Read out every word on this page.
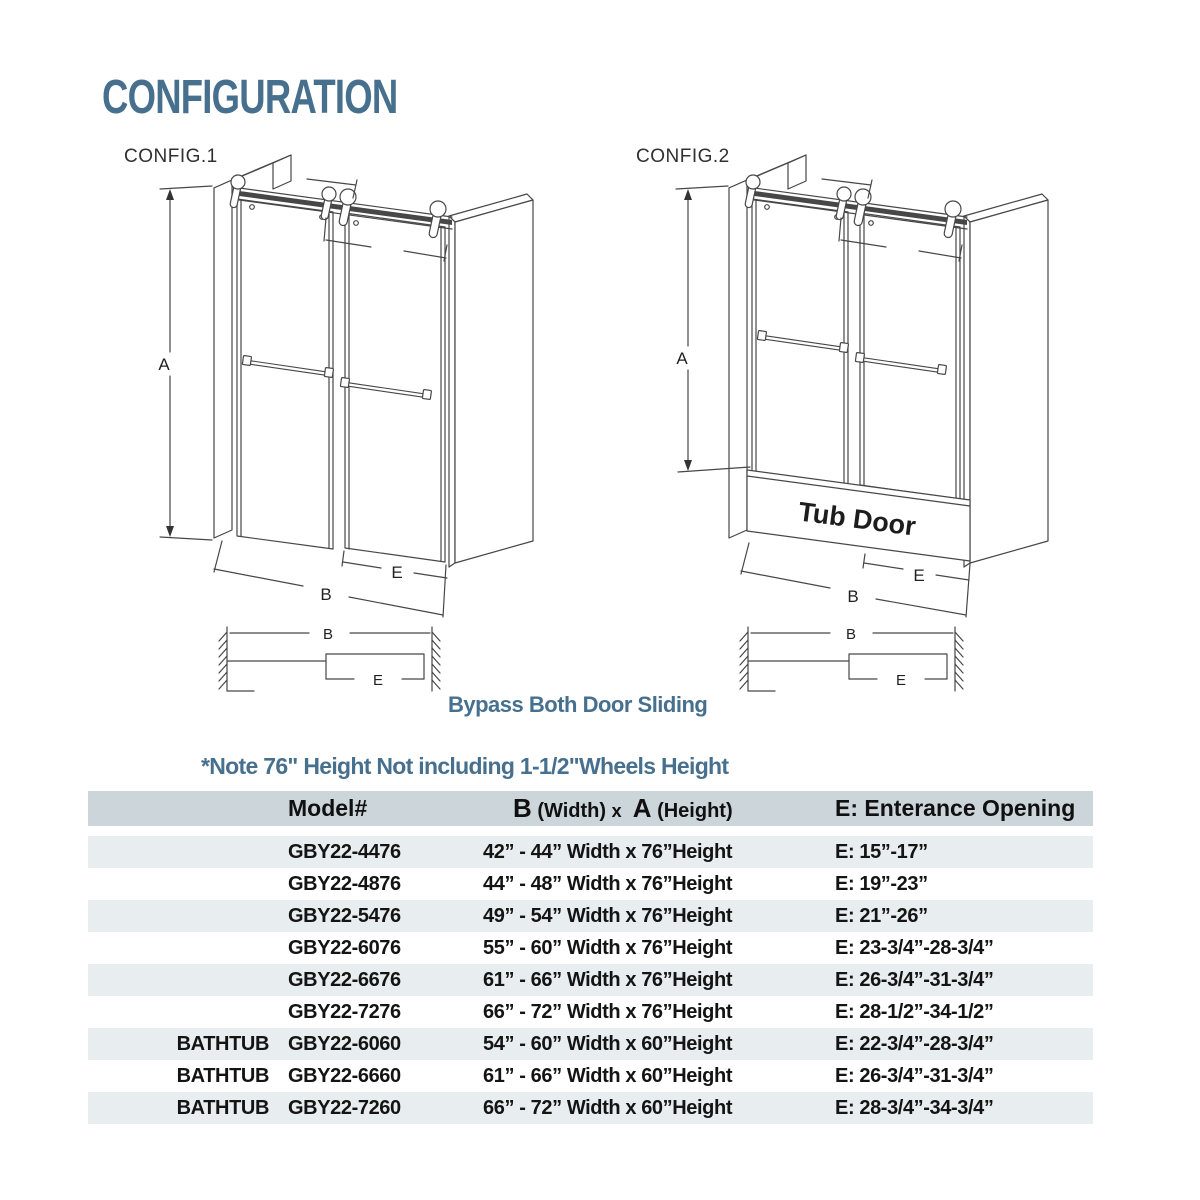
CONFIGURATION
CONFIG.1
A
E
B
B
E
CONFIG.2
Tub Door
A
E
B
B
E
Bypass Both Door Sliding
*Note 76" Height Not including 1-1/2"Wheels Height
Model#	B (Width) x A (Height)	E: Enterance Opening
GBY22-4476	42” - 44” Width x 76”Height	E: 15”-17”
GBY22-4876	44” - 48” Width x 76”Height	E: 19”-23”
GBY22-5476	49” - 54” Width x 76”Height	E: 21”-26”
GBY22-6076	55” - 60” Width x 76”Height	E: 23-3/4”-28-3/4”
GBY22-6676	61” - 66” Width x 76”Height	E: 26-3/4”-31-3/4”
GBY22-7276	66” - 72” Width x 76”Height	E: 28-1/2”-34-1/2”
BATHTUB GBY22-6060	54” - 60” Width x 60”Height	E: 22-3/4”-28-3/4”
BATHTUB GBY22-6660	61” - 66” Width x 60”Height	E: 26-3/4”-31-3/4”
BATHTUB GBY22-7260	66” - 72” Width x 60”Height	E: 28-3/4”-34-3/4”
